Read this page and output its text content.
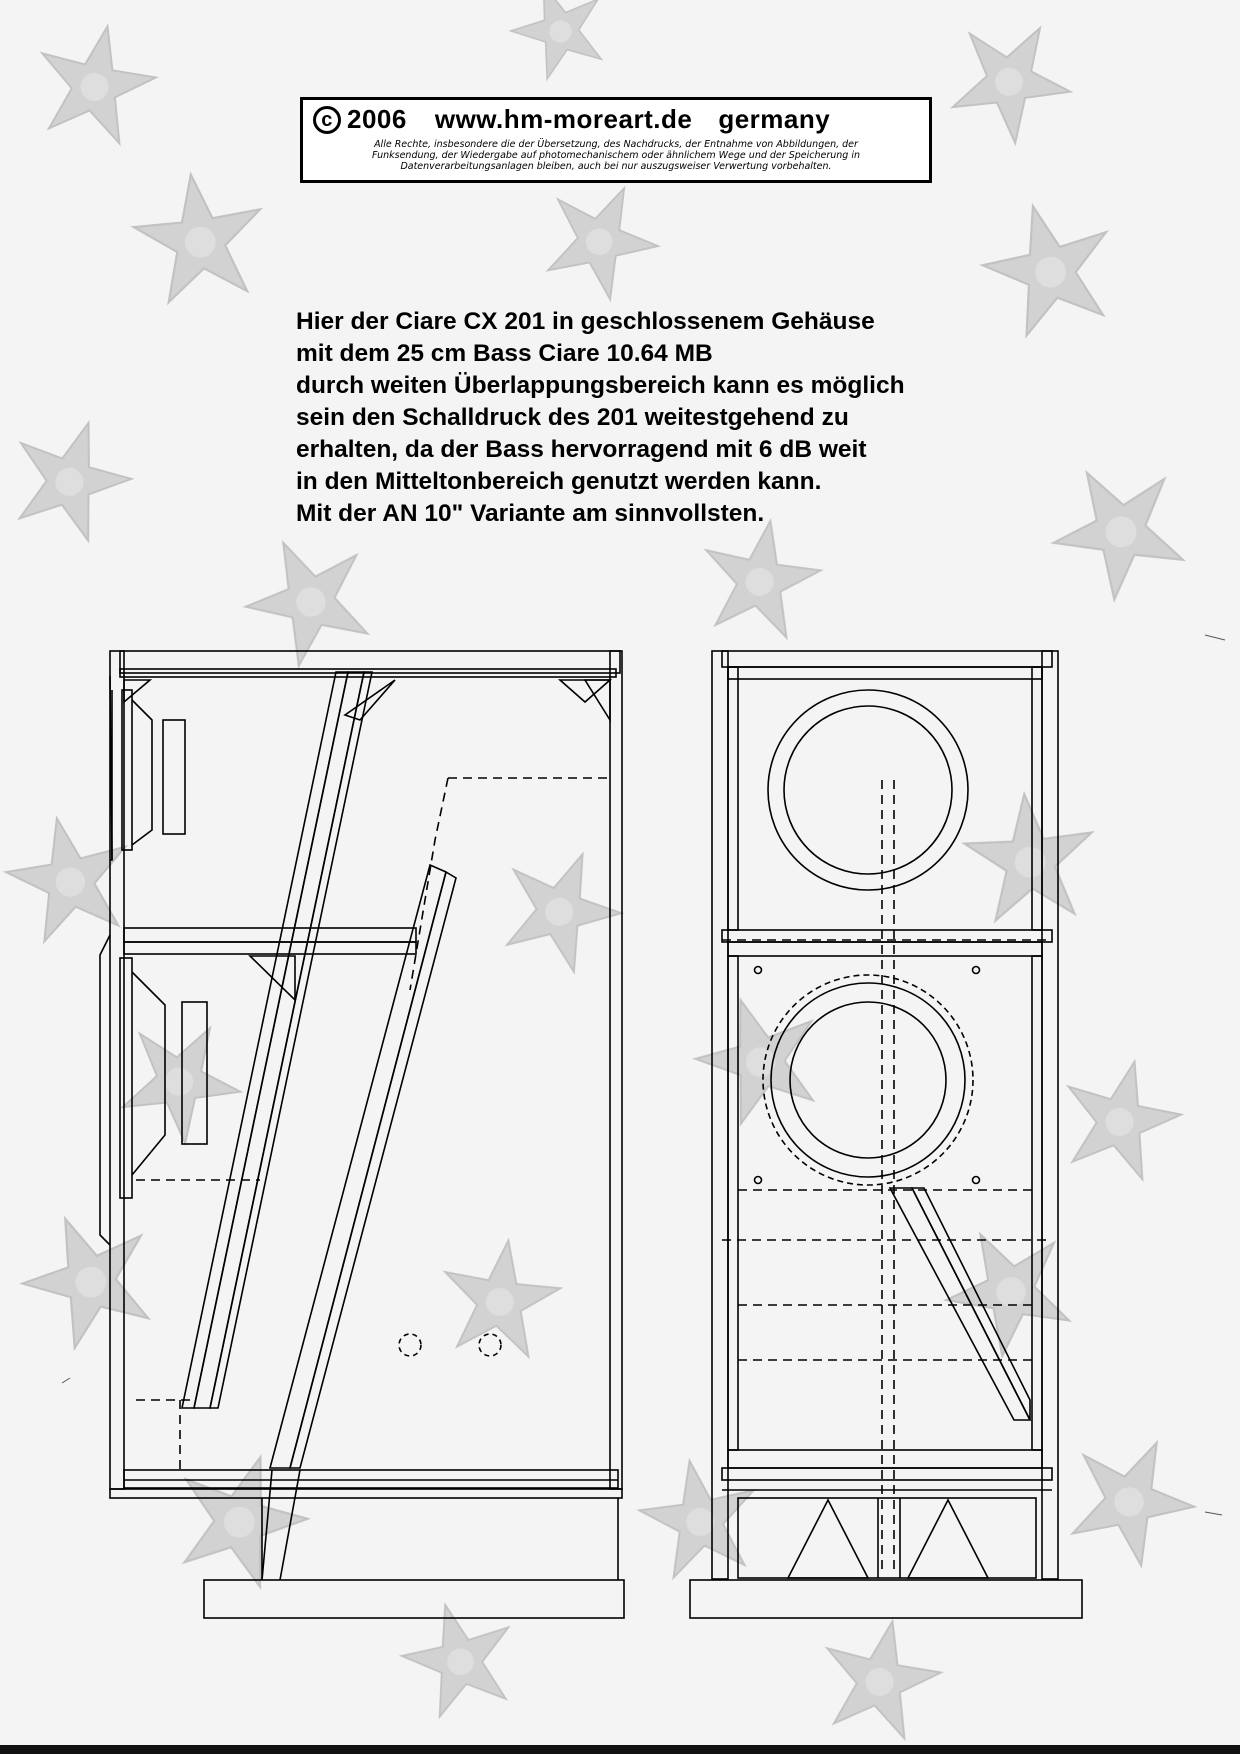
c 2006 www.hm-moreart.de germany
Alle Rechte, insbesondere die der Übersetzung, des Nachdrucks, der Entnahme von Abbildungen, der
Funksendung, der Wiedergabe auf photomechanischem oder ähnlichem Wege und der Speicherung in
Datenverarbeitungsanlagen bleiben, auch bei nur auszugsweiser Verwertung vorbehalten.

Hier der Ciare CX 201 in geschlossenem Gehäuse

mit dem 25 cm Bass Ciare 10.64 MB

durch weiten Überlappungsbereich kann es möglich

sein den Schalldruck des 201 weitestgehend zu

erhalten, da der Bass hervorragend mit 6 dB weit

in den Mitteltonbereich genutzt werden kann.

Mit der AN 10" Variante am sinnvollsten.
